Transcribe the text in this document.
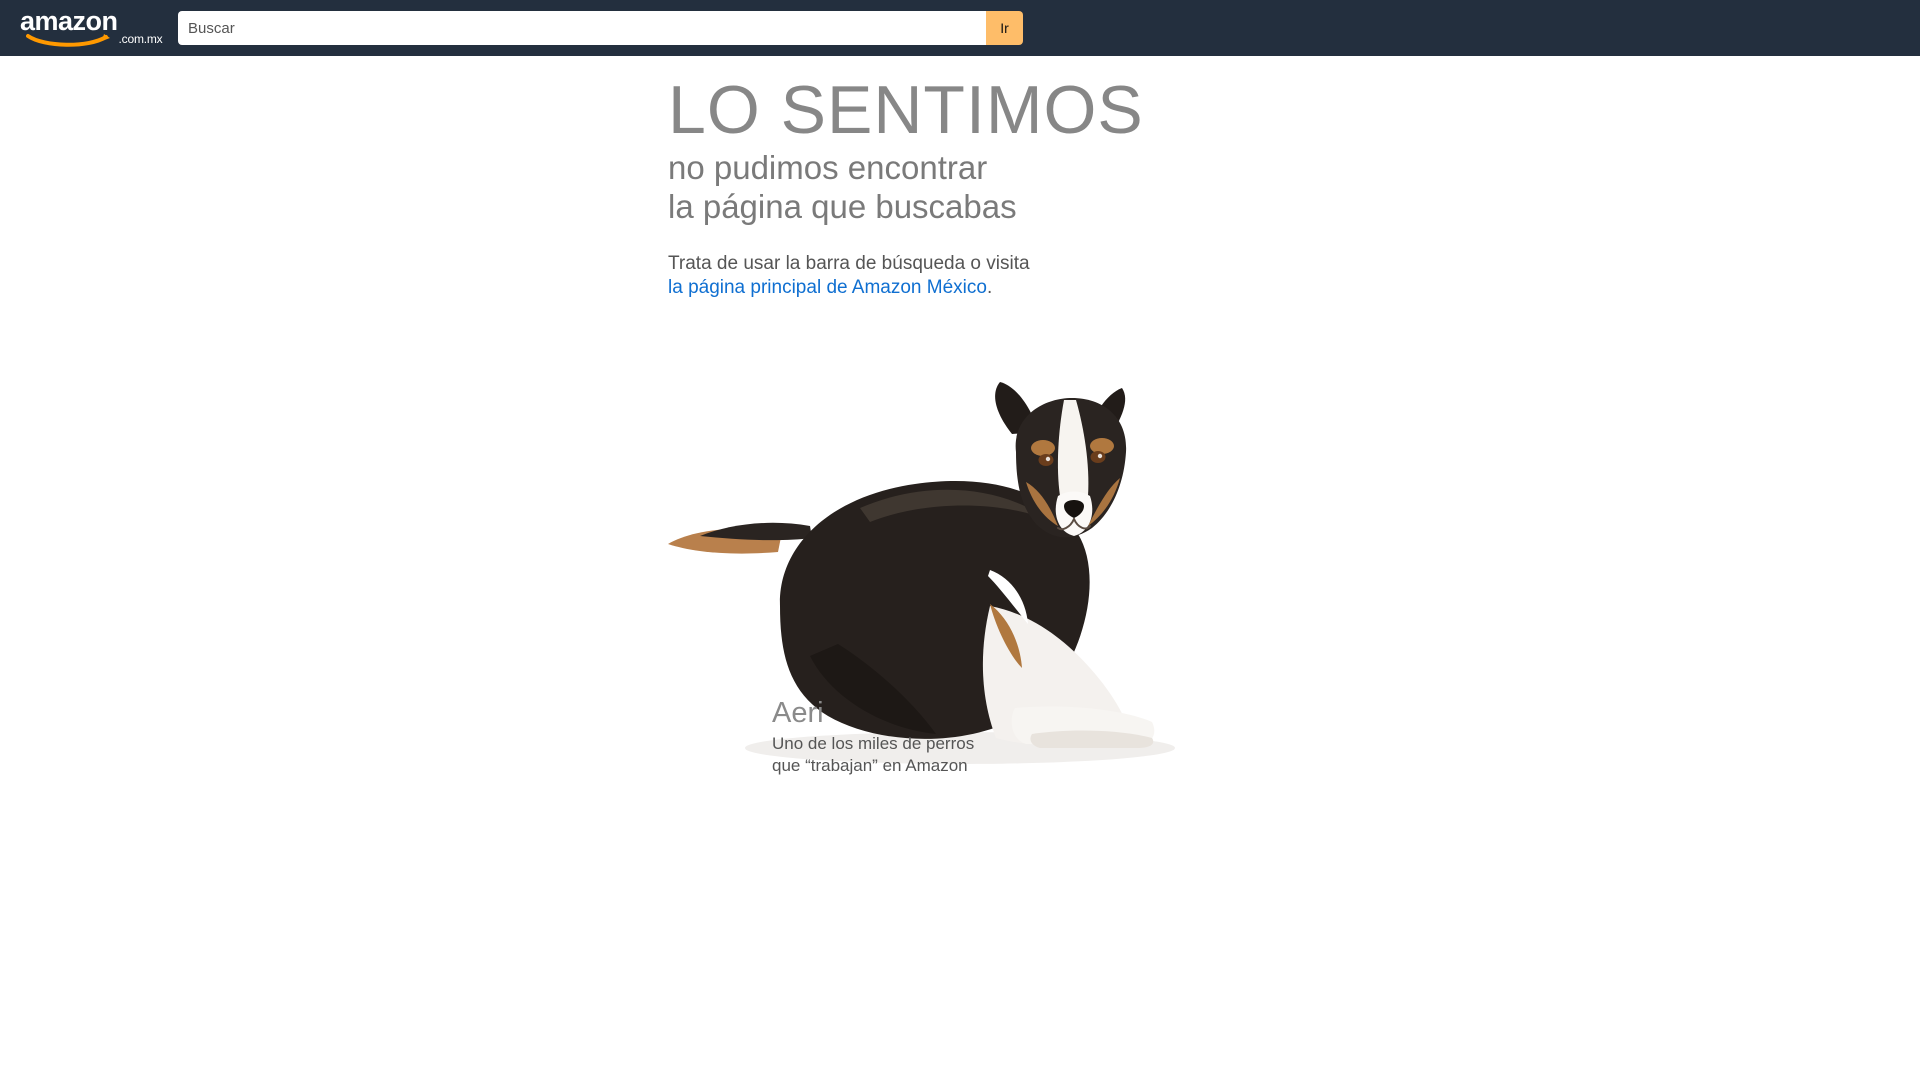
amazon
.com.mx
Buscar
Ir
LO SENTIMOS

no pudimos encontrar

la página que buscabas

Trata de usar la barra de búsqueda o visita
la página principal de Amazon México.

Aeri

Uno de los miles de perros

que “trabajan” en Amazon
